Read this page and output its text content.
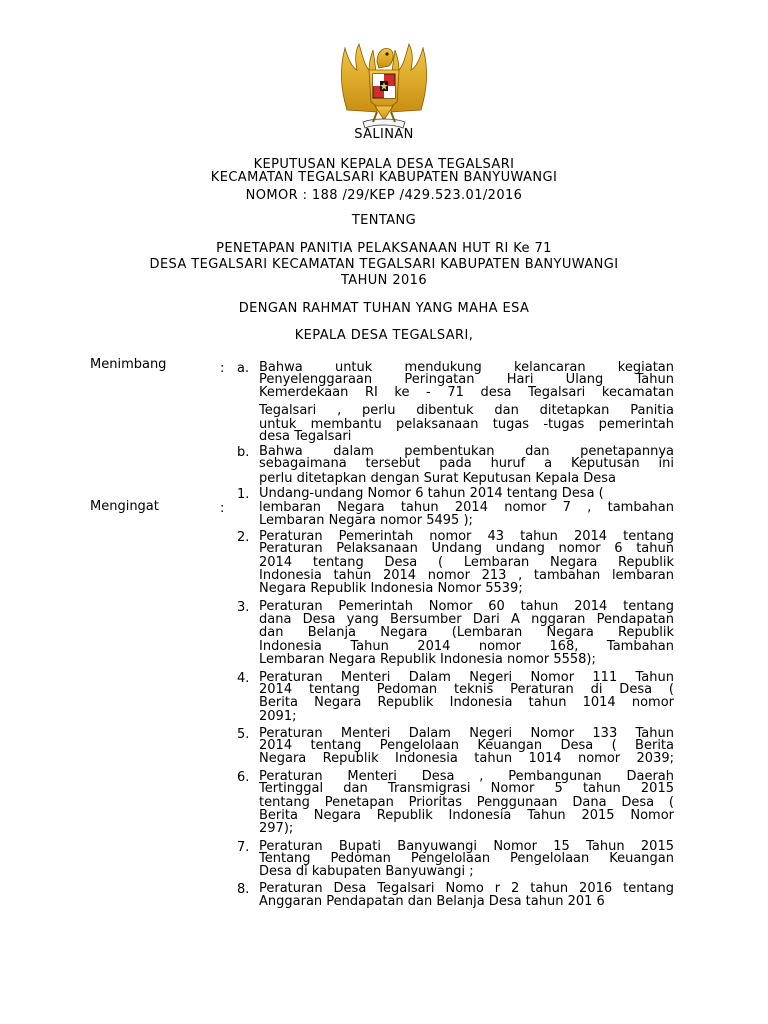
SALINAN
KEPUTUSAN KEPALA DESA TEGALSARI
KECAMATAN TEGALSARI KABUPATEN BANYUWANGI
NOMOR : 188 /29/KEP /429.523.01/2016
TENTANG
PENETAPAN PANITIA PELAKSANAAN HUT RI Ke 71
DESA TEGALSARI KECAMATAN TEGALSARI KABUPATEN BANYUWANGI
TAHUN 2016
DENGAN RAHMAT TUHAN YANG MAHA ESA
KEPALA DESA TEGALSARI,
Menimbang	: a. Bahwa untuk mendukung kelancaran kegiatan
Penyelenggaraan Peringatan Hari Ulang Tahun
Kemerdekaan RI ke - 71 desa Tegalsari kecamatan
Tegalsari , perlu dibentuk dan ditetapkan Panitia
untuk membantu pelaksanaan tugas -tugas pemerintah
desa Tegalsari
b. Bahwa dalam pembentukan dan penetapannya
sebagaimana tersebut pada huruf a Keputusan ini
perlu ditetapkan dengan Surat Keputusan Kepala Desa
Mengingat	:
1. Undang-undang Nomor 6 tahun 2014 tentang Desa (
lembaran Negara tahun 2014 nomor 7 , tambahan
Lembaran Negara nomor 5495 );
2. Peraturan Pemerintah nomor 43 tahun 2014 tentang
Peraturan Pelaksanaan Undang undang nomor 6 tahun
2014 tentang Desa ( Lembaran Negara Republik
Indonesia tahun 2014 nomor 213 , tambahan lembaran
Negara Republik Indonesia Nomor 5539;
3. Peraturan Pemerintah Nomor 60 tahun 2014 tentang
dana Desa yang Bersumber Dari A nggaran Pendapatan
dan Belanja Negara (Lembaran Negara Republik
Indonesia Tahun 2014 nomor 168, Tambahan
Lembaran Negara Republik Indonesia nomor 5558);
4. Peraturan Menteri Dalam Negeri Nomor 111 Tahun
2014 tentang Pedoman teknis Peraturan di Desa (
Berita Negara Republik Indonesia tahun 1014 nomor
2091;
5. Peraturan Menteri Dalam Negeri Nomor 133 Tahun
2014 tentang Pengelolaan Keuangan Desa ( Berita
Negara Republik Indonesia tahun 1014 nomor 2039;
6. Peraturan Menteri Desa , Pembangunan Daerah
Tertinggal dan Transmigrasi Nomor 5 tahun 2015
tentang Penetapan Prioritas Penggunaan Dana Desa (
Berita Negara Republik Indonesia Tahun 2015 Nomor
297);
7. Peraturan Bupati Banyuwangi Nomor 15 Tahun 2015
Tentang Pedoman Pengelolaan Pengelolaan Keuangan
Desa di kabupaten Banyuwangi ;
8. Peraturan Desa Tegalsari Nomo r 2 tahun 2016 tentang
Anggaran Pendapatan dan Belanja Desa tahun 201 6
